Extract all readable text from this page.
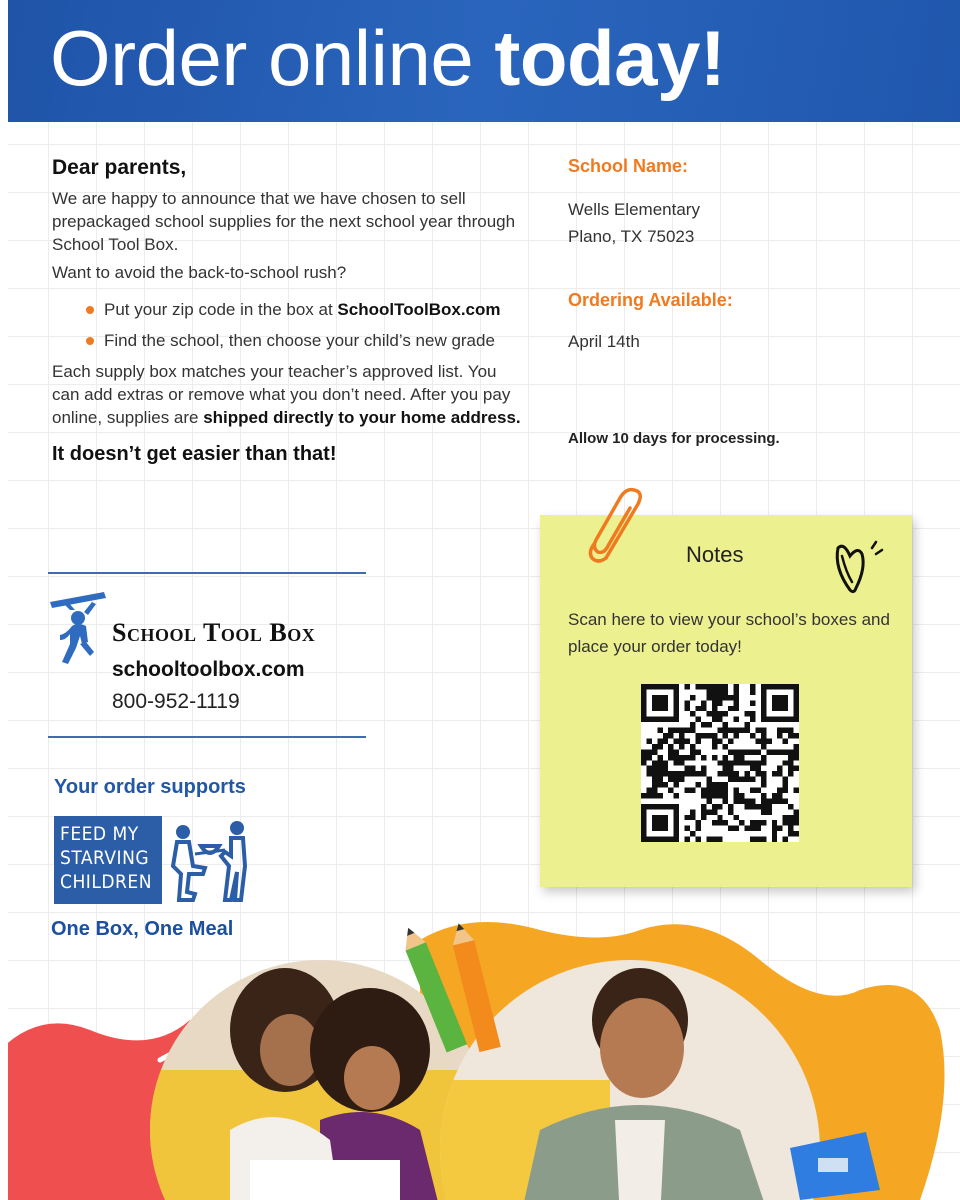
Order online today!
Dear parents,

We are happy to announce that we have chosen to sell prepackaged school supplies for the next school year through School Tool Box.

Want to avoid the back-to-school rush?

Put your zip code in the box at SchoolToolBox.com
Find the school, then choose your child’s new grade

Each supply box matches your teacher’s approved list. You can add extras or remove what you don’t need. After you pay online, supplies are shipped directly to your home address.

It doesn’t get easier than that!
School Tool Box
schooltoolbox.com
800-952-1119
Your order supports
FEED MY
STARVING
CHILDREN
One Box, One Meal
School Name:
Wells Elementary
Plano, TX 75023
Ordering Available:
April 14th
Allow 10 days for processing.
Notes
Scan here to view your school’s boxes and place your order today!
